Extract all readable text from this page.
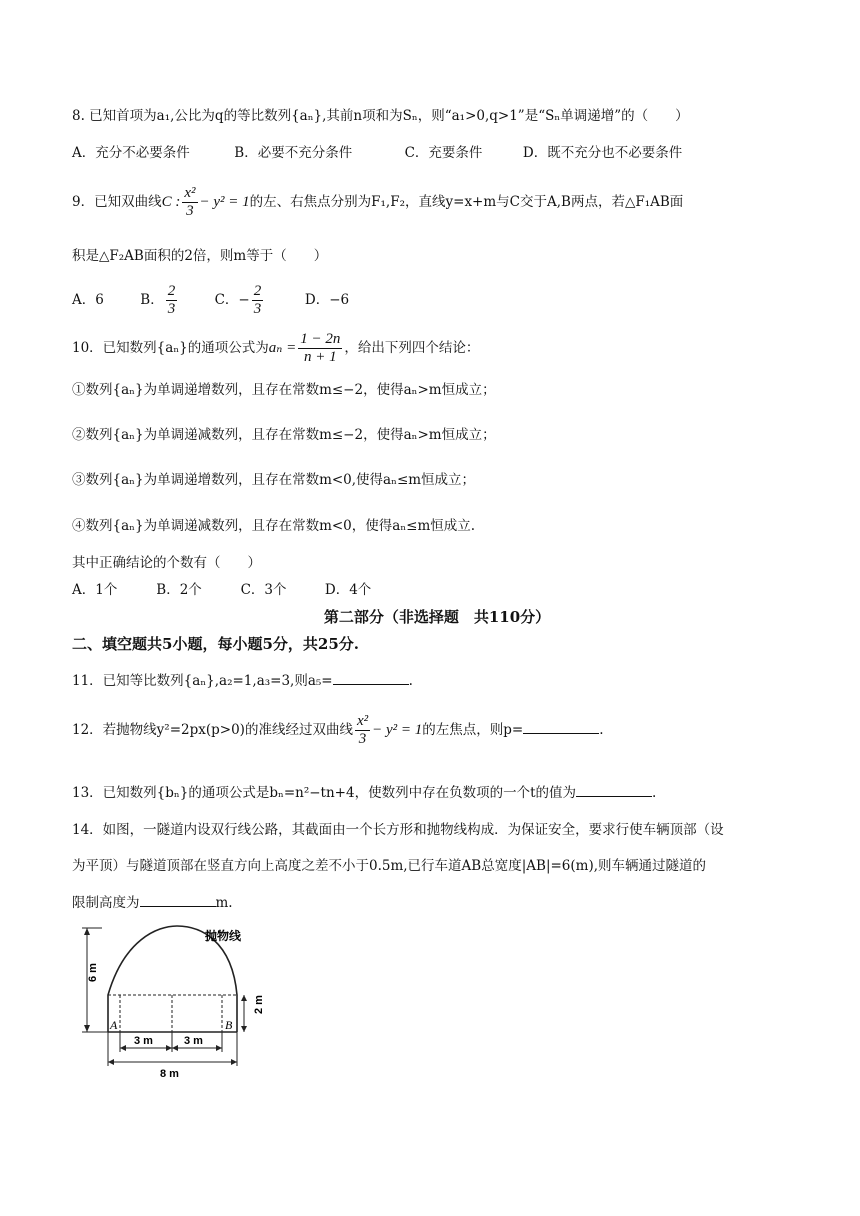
8. 已知首项为a₁,公比为q的等比数列{aₙ},其前n项和为Sₙ，则“a₁>0,q>1”是“Sₙ单调递增”的（　　）
A．充分不必要条件	B．必要不充分条件	C．充要条件	D．既不充分也不必要条件
9．已知双曲线C : $\frac{\text{x²}}{3} - y^2 = 1$的左、右焦点分别为F₁,F₂，直线y=x+m与C交于A,B两点，若△F₁AB面
积是△F₂AB面积的2倍，则m等于（　　）
A．6	B． $\frac{2}{3}$	C．− $\frac{2}{3}$	D．−6
10．已知数列{aₙ}的通项公式为$a_n = \frac{1 - 2n}{n + 1}$ ，给出下列四个结论：
①数列{aₙ}为单调递增数列，且存在常数m≤−2，使得aₙ>m恒成立；
②数列{aₙ}为单调递减数列，且存在常数m≤−2，使得aₙ>m恒成立；
③数列{aₙ}为单调递增数列，且存在常数m<0,使得aₙ≤m恒成立；
④数列{aₙ}为单调递减数列，且存在常数m<0，使得aₙ≤m恒成立.
其中正确结论的个数有（　　）
A．1个	B．2个	C．3个	D．4个
第二部分（非选择题　共110分）
二、填空题共5小题，每小题5分，共25分.
11．已知等比数列{aₙ},a₂=1,a₃=3,则a₅=	.
12．若抛物线y²=2px(p>0)的准线经过双曲线 $\frac{\text{x²}}{3} - y^2 = 1$的左焦点，则p=	.
13．已知数列{bₙ}的通项公式是bₙ=n²−tn+4，使数列中存在负数项的一个t的值为	.
14．如图，一隧道内设双行线公路，其截面由一个长方形和抛物线构成．为保证安全，要求行使车辆顶部（设
为平顶）与隧道顶部在竖直方向上高度之差不小于0.5m,已行车道AB总宽度|AB|=6(m),则车辆通过隧道的
限制高度为	m.
6 m
2 m
抛物线
A	B
3 m	3 m
8 m
